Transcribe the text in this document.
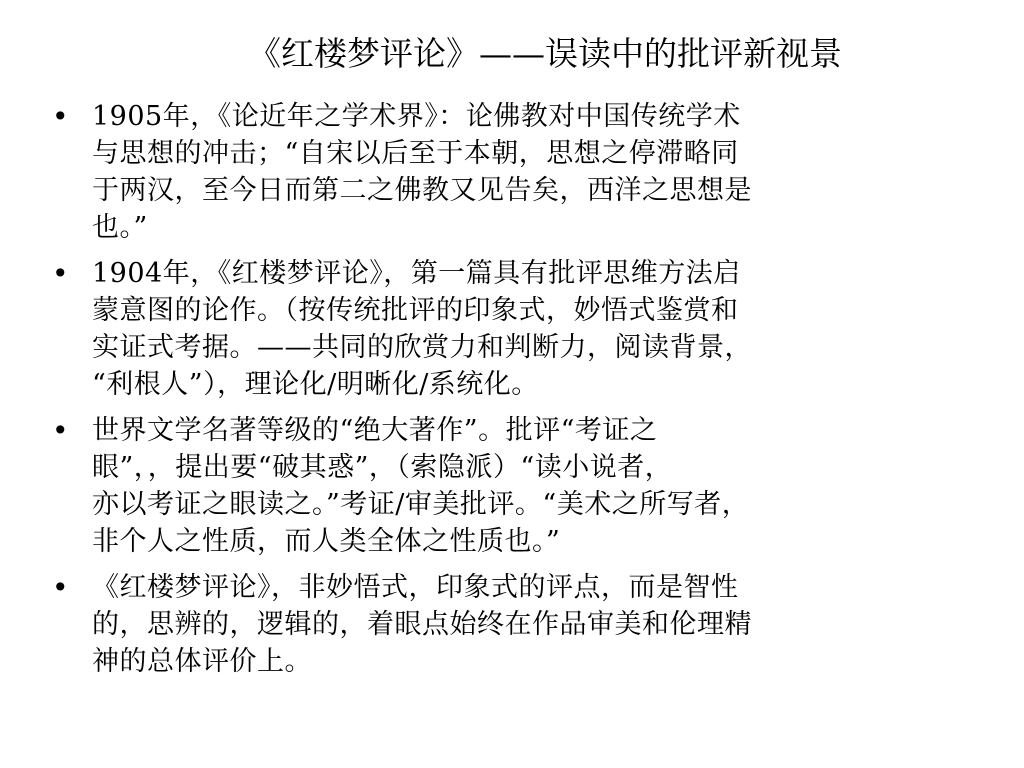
《红楼梦评论》——误读中的批评新视景
• 1905年，《论近年之学术界》：论佛教对中国传统学术
与思想的冲击；“自宋以后至于本朝，思想之停滞略同
于两汉，至今日而第二之佛教又见告矣，西洋之思想是
也。”
• 1904年，《红楼梦评论》，第一篇具有批评思维方法启
蒙意图的论作。（按传统批评的印象式，妙悟式鉴赏和
实证式考据。——共同的欣赏力和判断力，阅读背景，
“利根人”），理论化/明晰化/系统化。
• 世界文学名著等级的“绝大著作”。批评“考证之
眼”，，提出要“破其惑”，（索隐派）“读小说者，
亦以考证之眼读之。”考证/审美批评。“美术之所写者，
非个人之性质，而人类全体之性质也。”
• 《红楼梦评论》，非妙悟式，印象式的评点，而是智性
的，思辨的，逻辑的，着眼点始终在作品审美和伦理精
神的总体评价上。
